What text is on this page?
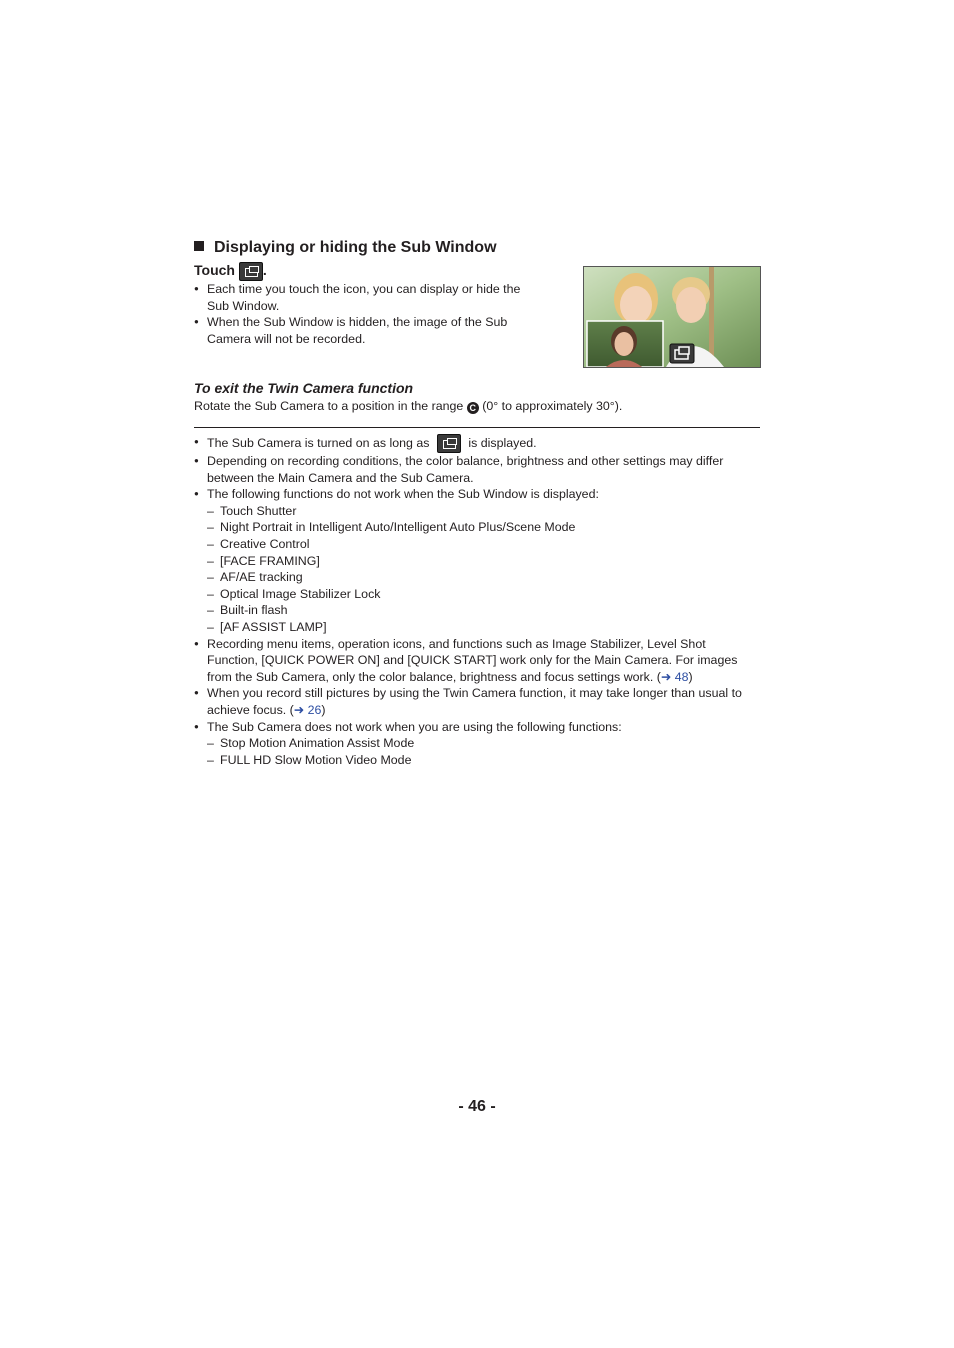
Displaying or hiding the Sub Window
Touch .
● Each time you touch the icon, you can display or hide the Sub Window.
● When the Sub Window is hidden, the image of the Sub Camera will not be recorded.
To exit the Twin Camera function
Rotate the Sub Camera to a position in the range C (0° to approximately 30°).
● The Sub Camera is turned on as long as	is displayed.
● Depending on recording conditions, the color balance, brightness and other settings may differ between the Main Camera and the Sub Camera.
● The following functions do not work when the Sub Window is displayed:
– Touch Shutter
– Night Portrait in Intelligent Auto/Intelligent Auto Plus/Scene Mode
– Creative Control
– [FACE FRAMING]
– AF/AE tracking
– Optical Image Stabilizer Lock
– Built-in flash
– [AF ASSIST LAMP]
● Recording menu items, operation icons, and functions such as Image Stabilizer, Level Shot Function, [QUICK POWER ON] and [QUICK START] work only for the Main Camera. For images from the Sub Camera, only the color balance, brightness and focus settings work. (➜ 48)
● When you record still pictures by using the Twin Camera function, it may take longer than usual to achieve focus. (➜ 26)
● The Sub Camera does not work when you are using the following functions:
– Stop Motion Animation Assist Mode
– FULL HD Slow Motion Video Mode
- 46 -
